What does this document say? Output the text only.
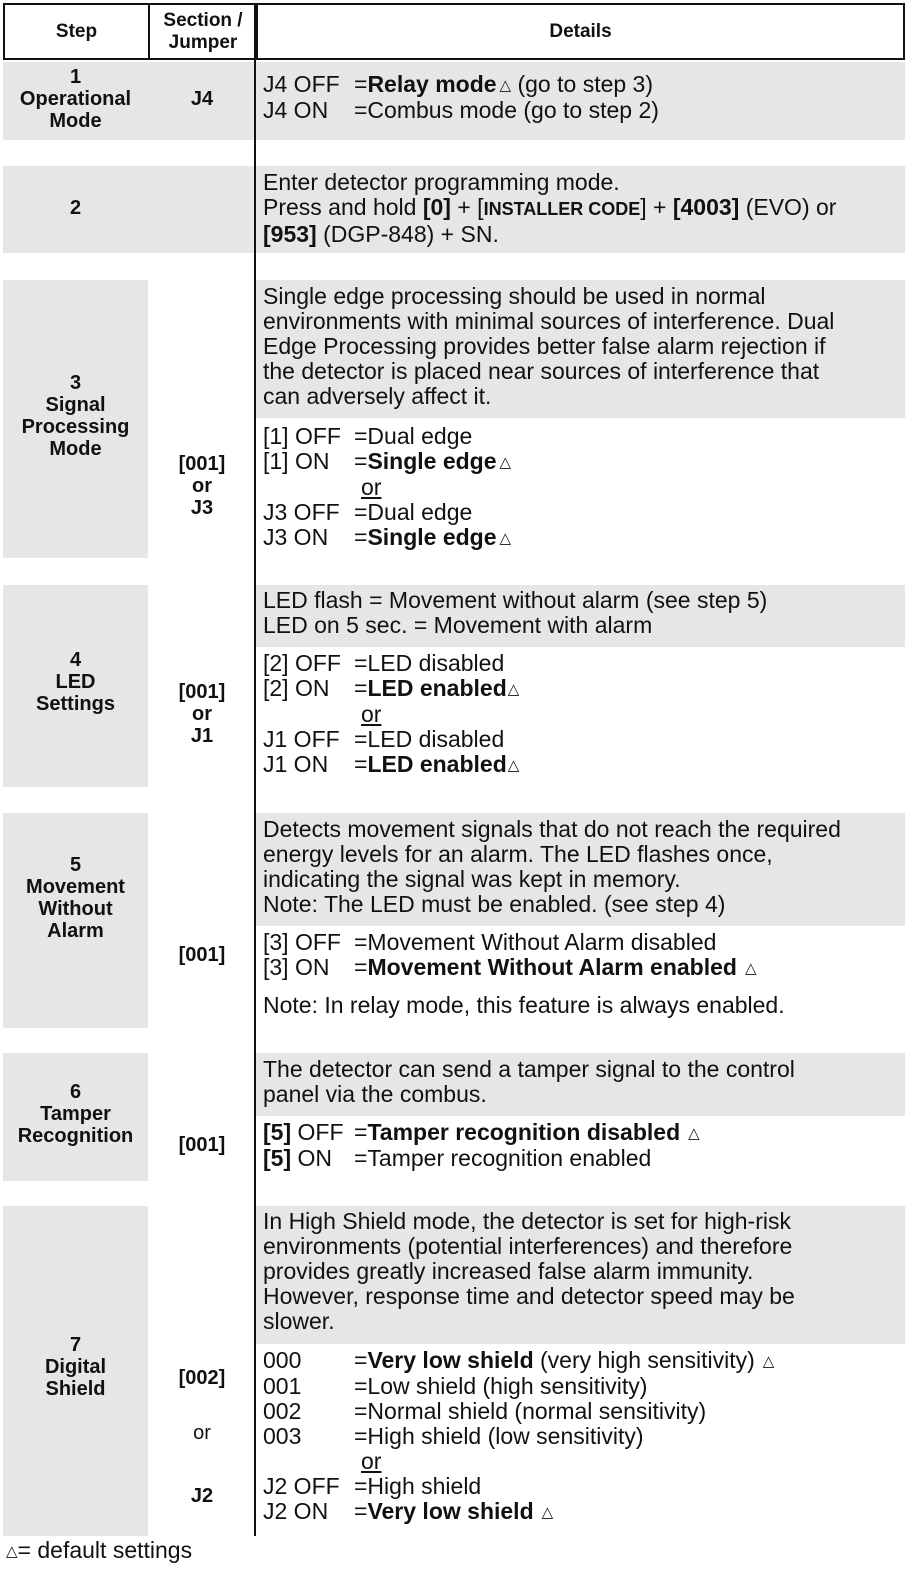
Step
Section /
Jumper
Details
1
Operational
Mode
J4
J4 OFF =Relay mode △ (go to step 3)
J4 ON =Combus mode (go to step 2)
2
Enter detector programming mode.
Press and hold [0] + [INSTALLER CODE] + [4003] (EVO) or
[953] (DGP-848) + SN.
3
Signal
Processing
Mode
[001]
or
J3
Single edge processing should be used in normal
environments with minimal sources of interference. Dual
Edge Processing provides better false alarm rejection if
the detector is placed near sources of interference that
can adversely affect it.
[1] OFF =Dual edge
[1] ON =Single edge △
or
J3 OFF =Dual edge
J3 ON =Single edge △
4
LED
Settings
[001]
or
J1
LED flash = Movement without alarm (see step 5)
LED on 5 sec. = Movement with alarm
[2] OFF =LED disabled
[2] ON =LED enabled△
or
J1 OFF =LED disabled
J1 ON =LED enabled△
5
Movement
Without
Alarm
[001]
Detects movement signals that do not reach the required
energy levels for an alarm. The LED flashes once,
indicating the signal was kept in memory.
Note: The LED must be enabled. (see step 4)
[3] OFF =Movement Without Alarm disabled
[3] ON =Movement Without Alarm enabled △
Note: In relay mode, this feature is always enabled.
6
Tamper
Recognition	[001]
The detector can send a tamper signal to the control
panel via the combus.
[5] OFF =Tamper recognition disabled △
[5] ON =Tamper recognition enabled
7
Digital
Shield	[002]
or
J2
In High Shield mode, the detector is set for high-risk
environments (potential interferences) and therefore
provides greatly increased false alarm immunity.
However, response time and detector speed may be
slower.
000 =Very low shield (very high sensitivity) △
001 =Low shield (high sensitivity)
002 =Normal shield (normal sensitivity)
003 =High shield (low sensitivity)
or
J2 OFF =High shield
J2 ON =Very low shield △
△= default settings
